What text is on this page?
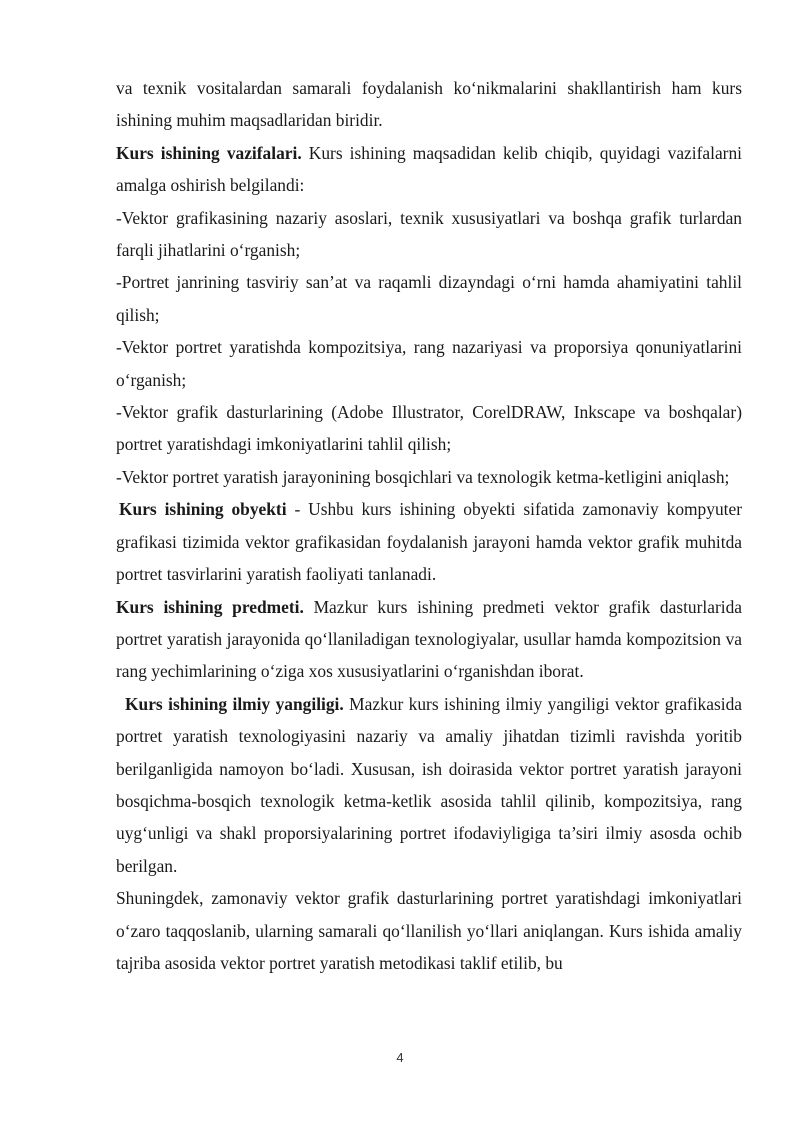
va texnik vositalardan samarali foydalanish ko‘nikmalarini shakllantirish ham kurs ishining muhim maqsadlaridan biridir.

Kurs ishining vazifalari. Kurs ishining maqsadidan kelib chiqib, quyidagi vazifalarni amalga oshirish belgilandi:

-Vektor grafikasining nazariy asoslari, texnik xususiyatlari va boshqa grafik turlardan farqli jihatlarini o‘rganish;

-Portret janrining tasviriy san’at va raqamli dizayndagi o‘rni hamda ahamiyatini tahlil qilish;

-Vektor portret yaratishda kompozitsiya, rang nazariyasi va proporsiya qonuniyatlarini o‘rganish;

-Vektor grafik dasturlarining (Adobe Illustrator, CorelDRAW, Inkscape va boshqalar) portret yaratishdagi imkoniyatlarini tahlil qilish;

-Vektor portret yaratish jarayonining bosqichlari va texnologik ketma-ketligini aniqlash;

Kurs ishining obyekti - Ushbu kurs ishining obyekti sifatida zamonaviy kompyuter grafikasi tizimida vektor grafikasidan foydalanish jarayoni hamda vektor grafik muhitda portret tasvirlarini yaratish faoliyati tanlanadi.

Kurs ishining predmeti. Mazkur kurs ishining predmeti vektor grafik dasturlarida portret yaratish jarayonida qo‘llaniladigan texnologiyalar, usullar hamda kompozitsion va rang yechimlarining o‘ziga xos xususiyatlarini o‘rganishdan iborat.

Kurs ishining ilmiy yangiligi. Mazkur kurs ishining ilmiy yangiligi vektor grafikasida portret yaratish texnologiyasini nazariy va amaliy jihatdan tizimli ravishda yoritib berilganligida namoyon bo‘ladi. Xususan, ish doirasida vektor portret yaratish jarayoni bosqichma-bosqich texnologik ketma-ketlik asosida tahlil qilinib, kompozitsiya, rang uyg‘unligi va shakl proporsiyalarining portret ifodaviyligiga ta’siri ilmiy asosda ochib berilgan.

Shuningdek, zamonaviy vektor grafik dasturlarining portret yaratishdagi imkoniyatlari o‘zaro taqqoslanib, ularning samarali qo‘llanilish yo‘llari aniqlangan. Kurs ishida amaliy tajriba asosida vektor portret yaratish metodikasi taklif etilib, bu

4
